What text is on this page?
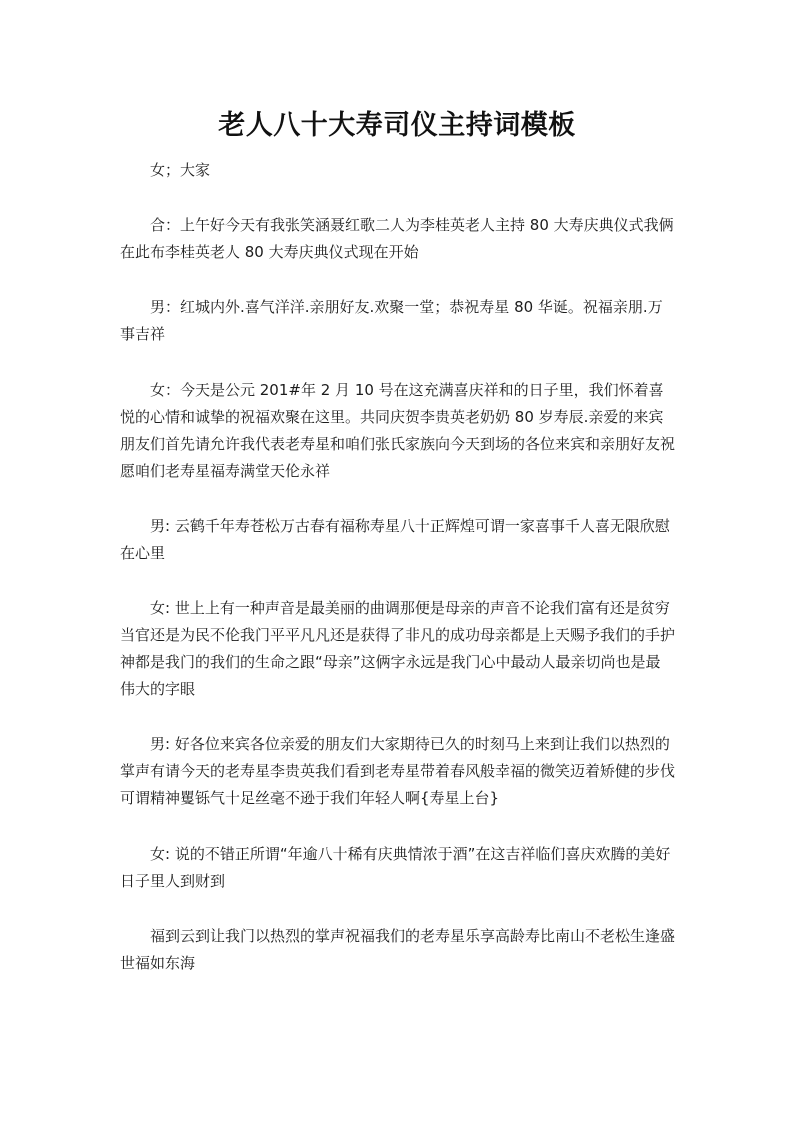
老人八十大寿司仪主持词模板

女；大家

合：上午好今天有我张笑涵聂红歌二人为李桂英老人主持 80 大寿庆典仪式我俩在此布李桂英老人 80 大寿庆典仪式现在开始

男：红城内外.喜气洋洋.亲朋好友.欢聚一堂；恭祝寿星 80 华诞。祝福亲朋.万事吉祥

女：今天是公元 201#年 2 月 10 号在这充满喜庆祥和的日子里，我们怀着喜悦的心情和诚挚的祝福欢聚在这里。共同庆贺李贵英老奶奶 80 岁寿辰.亲爱的来宾朋友们首先请允许我代表老寿星和咱们张氏家族向今天到场的各位来宾和亲朋好友祝愿咱们老寿星福寿满堂天伦永祥

男: 云鹤千年寿苍松万古春有福称寿星八十正辉煌可谓一家喜事千人喜无限欣慰在心里

女: 世上上有一种声音是最美丽的曲调那便是母亲的声音不论我们富有还是贫穷当官还是为民不伦我门平平凡凡还是获得了非凡的成功母亲都是上天赐予我们的手护神都是我门的我们的生命之跟“母亲”这俩字永远是我门心中最动人最亲切尚也是最伟大的字眼

男: 好各位来宾各位亲爱的朋友们大家期待已久的时刻马上来到让我们以热烈的掌声有请今天的老寿星李贵英我们看到老寿星带着春风般幸福的微笑迈着矫健的步伐可谓精神矍铄气十足丝毫不逊于我们年轻人啊{寿星上台}

女: 说的不错正所谓“年逾八十稀有庆典情浓于酒”在这吉祥临们喜庆欢腾的美好日子里人到财到

福到云到让我门以热烈的掌声祝福我们的老寿星乐享高龄寿比南山不老松生逢盛世福如东海
